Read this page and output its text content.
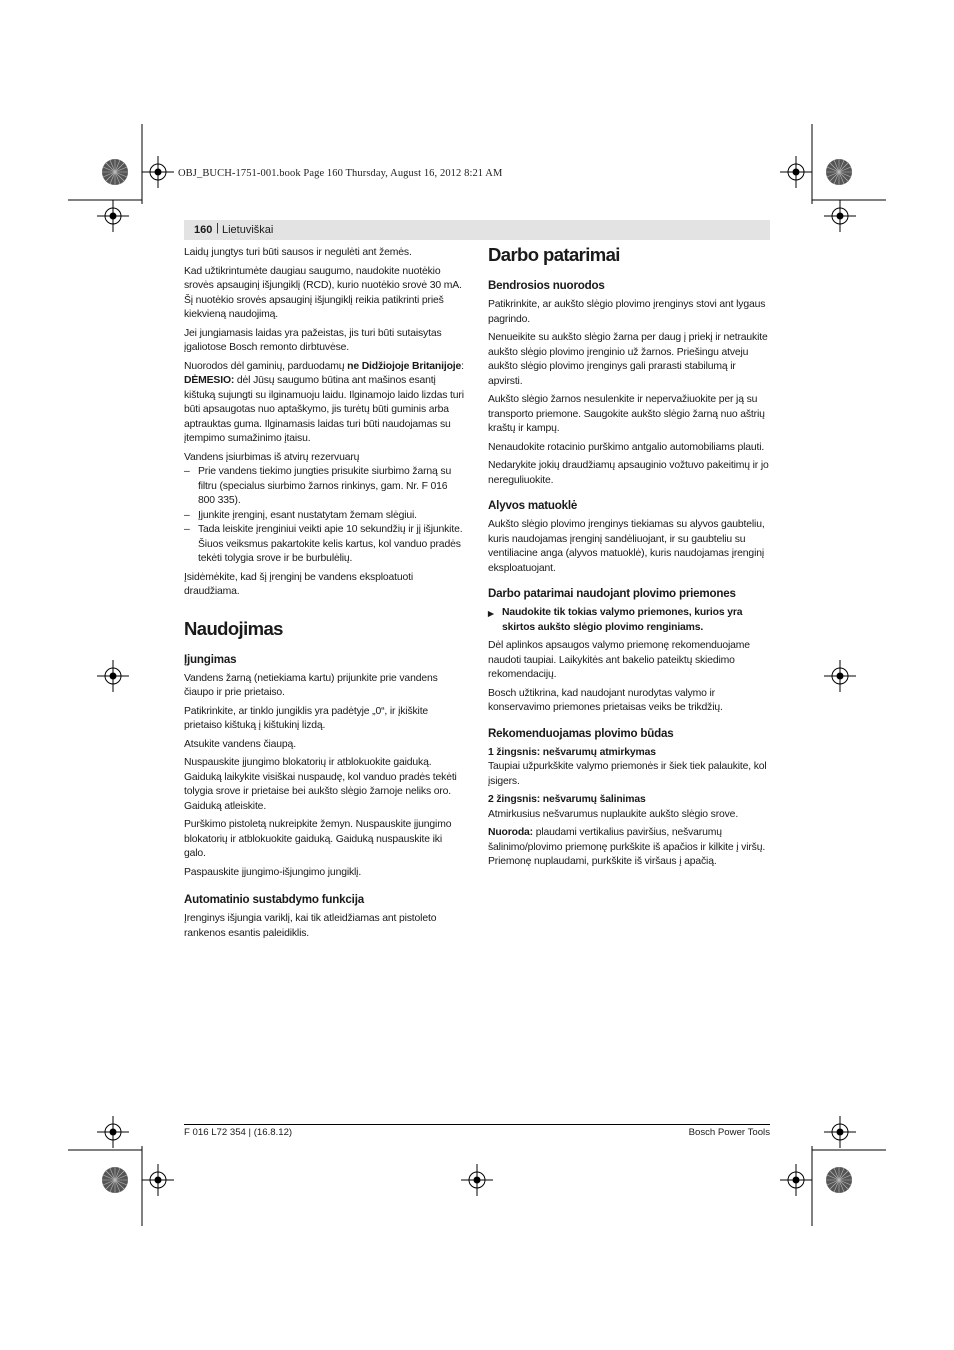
OBJ_BUCH-1751-001.book Page 160 Thursday, August 16, 2012 8:21 AM
160 | Lietuviškai

Laidų jungtys turi būti sausos ir negulėti ant žemės.

Kad užtikrintumėte daugiau saugumo, naudokite nuotėkio srovės apsauginį išjungiklį (RCD), kurio nuotėkio srovė 30 mA. Šį nuotėkio srovės apsauginį išjungiklį reikia patikrinti prieš kiekvieną naudojimą.

Jei jungiamasis laidas yra pažeistas, jis turi būti sutaisytas įgaliotose Bosch remonto dirbtuvėse.

Nuorodos dėl gaminių, parduodamų ne Didžiojoje Britanijoje:

DĖMESIO: dėl Jūsų saugumo būtina ant mašinos esantį kištuką sujungti su ilginamuoju laidu. Ilginamojo laido lizdas turi būti apsaugotas nuo aptaškymo, jis turėtų būti guminis arba aptrauktas guma. Ilginamasis laidas turi būti naudojamas su įtempimo sumažinimo įtaisu.

Vandens įsiurbimas iš atvirų rezervuarų

– Prie vandens tiekimo jungties prisukite siurbimo žarną su filtru (specialus siurbimo žarnos rinkinys, gam. Nr. F 016 800 335).
– Įjunkite įrenginį, esant nustatytam žemam slėgiui.
– Tada leiskite įrenginiui veikti apie 10 sekundžių ir jį išjunkite. Šiuos veiksmus pakartokite kelis kartus, kol vanduo pradės tekėti tolygia srove ir be burbulėlių.

Įsidėmėkite, kad šį įrenginį be vandens eksploatuoti draudžiama.

Naudojimas
Įjungimas

Vandens žarną (netiekiama kartu) prijunkite prie vandens čiaupo ir prie prietaiso.

Patikrinkite, ar tinklo jungiklis yra padėtyje „0“, ir įkiškite prietaiso kištuką į kištukinį lizdą.

Atsukite vandens čiaupą.

Nuspauskite įjungimo blokatorių ir atblokuokite gaiduką. Gaiduką laikykite visiškai nuspaudę, kol vanduo pradės tekėti tolygia srove ir prietaise bei aukšto slėgio žarnoje neliks oro. Gaiduką atleiskite.

Purškimo pistoletą nukreipkite žemyn. Nuspauskite įjungimo blokatorių ir atblokuokite gaiduką. Gaiduką nuspauskite iki galo.

Paspauskite įjungimo-išjungimo jungiklį.

Automatinio sustabdymo funkcija

Įrenginys išjungia variklį, kai tik atleidžiamas ant pistoleto rankenos esantis paleidiklis.

Darbo patarimai
Bendrosios nuorodos

Patikrinkite, ar aukšto slėgio plovimo įrenginys stovi ant lygaus pagrindo.

Nenueikite su aukšto slėgio žarna per daug į priekį ir netraukite aukšto slėgio plovimo įrenginio už žarnos. Priešingu atveju aukšto slėgio plovimo įrenginys gali prarasti stabilumą ir apvirsti.

Aukšto slėgio žarnos nesulenkite ir nepervažiuokite per ją su transporto priemone. Saugokite aukšto slėgio žarną nuo aštrių kraštų ir kampų.

Nenaudokite rotacinio purškimo antgalio automobiliams plauti.

Nedarykite jokių draudžiamų apsauginio vožtuvo pakeitimų ir jo nereguliuokite.

Alyvos matuoklė

Aukšto slėgio plovimo įrenginys tiekiamas su alyvos gaubteliu, kuris naudojamas įrenginį sandėliuojant, ir su gaubteliu su ventiliacine anga (alyvos matuoklė), kuris naudojamas įrenginį eksploatuojant.

Darbo patarimai naudojant plovimo priemones
▶ Naudokite tik tokias valymo priemones, kurios yra skirtos aukšto slėgio plovimo renginiams.

Dėl aplinkos apsaugos valymo priemonę rekomenduojame naudoti taupiai. Laikykitės ant bakelio pateiktų skiedimo rekomendacijų.

Bosch užtikrina, kad naudojant nurodytas valymo ir konservavimo priemones prietaisas veiks be trikdžių.

Rekomenduojamas plovimo būdas
1 žingsnis: nešvarumų atmirkymas

Taupiai užpurkškite valymo priemonės ir šiek tiek palaukite, kol įsigers.

2 žingsnis: nešvarumų šalinimas

Atmirkusius nešvarumus nuplaukite aukšto slėgio srove.

Nuoroda: plaudami vertikalius paviršius, nešvarumų šalinimo/plovimo priemonę purkškite iš apačios ir kilkite į viršų. Priemonę nuplaudami, purkškite iš viršaus į apačią.

F 016 L72 354 | (16.8.12)	Bosch Power Tools
